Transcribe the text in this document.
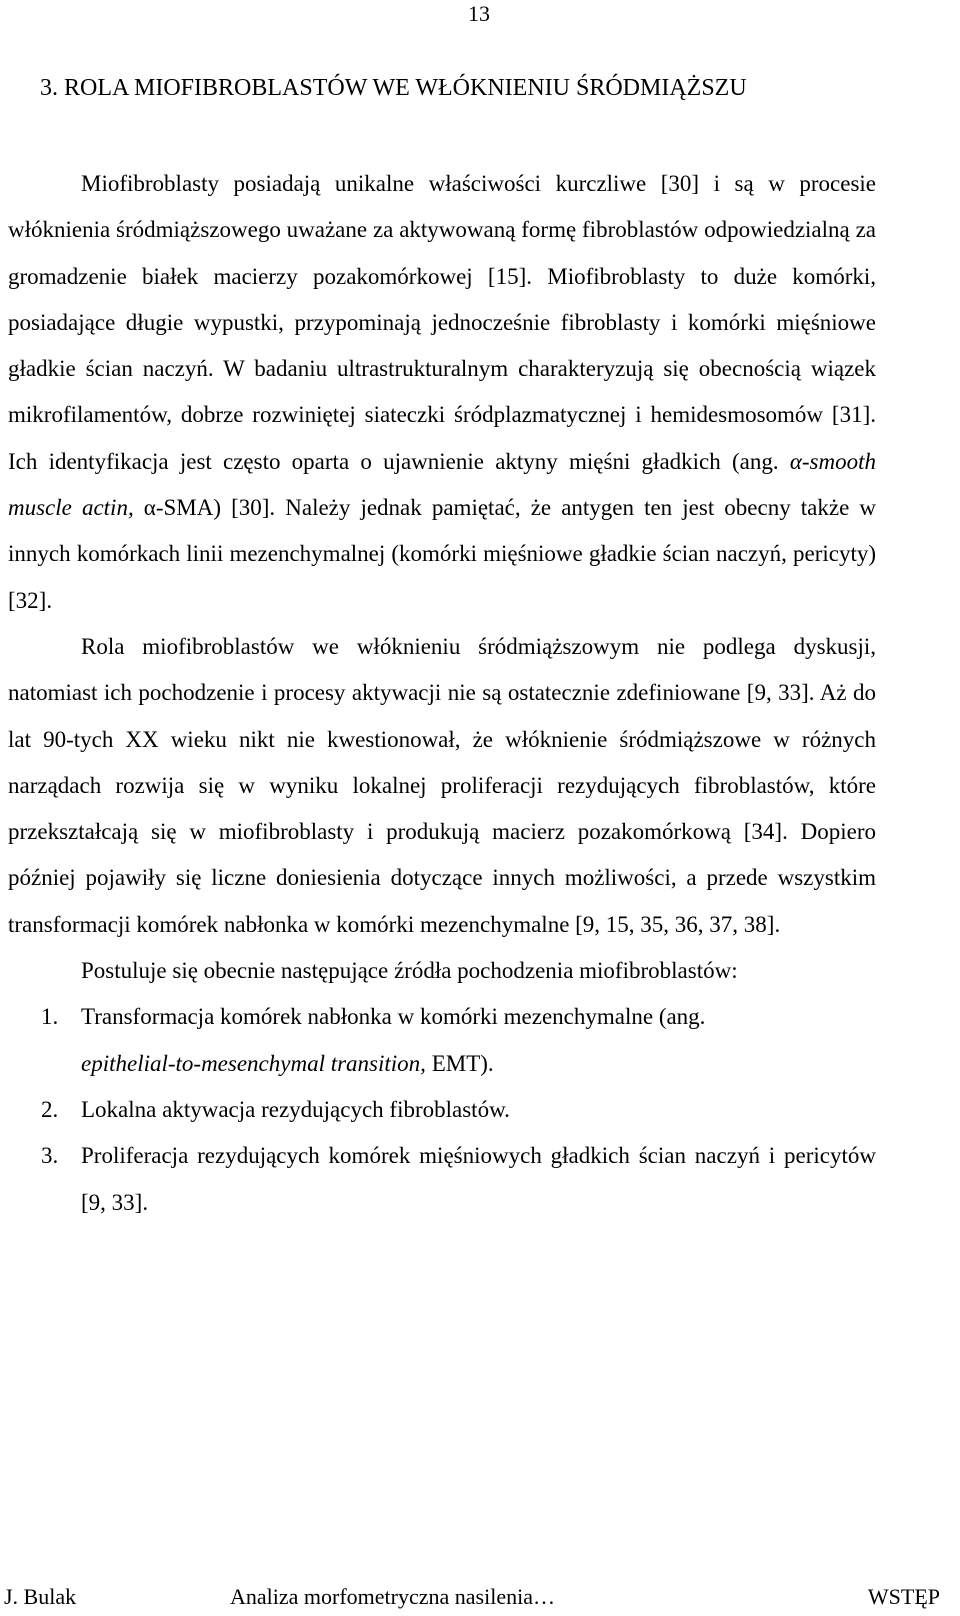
13
3. ROLA MIOFIBROBLASTÓW WE WŁÓKNIENIU ŚRÓDMIĄŻSZU

Miofibroblasty posiadają unikalne właściwości kurczliwe [30] i są w procesie włóknienia śródmiąższowego uważane za aktywowaną formę fibroblastów odpowiedzialną za gromadzenie białek macierzy pozakomórkowej [15]. Miofibroblasty to duże komórki, posiadające długie wypustki, przypominają jednocześnie fibroblasty i komórki mięśniowe gładkie ścian naczyń. W badaniu ultrastrukturalnym charakteryzują się obecnością wiązek mikrofilamentów, dobrze rozwiniętej siateczki śródplazmatycznej i hemidesmosomów [31]. Ich identyfikacja jest często oparta o ujawnienie aktyny mięśni gładkich (ang. α-smooth muscle actin, α-SMA) [30]. Należy jednak pamiętać, że antygen ten jest obecny także w innych komórkach linii mezenchymalnej (komórki mięśniowe gładkie ścian naczyń, pericyty) [32].

Rola miofibroblastów we włóknieniu śródmiąższowym nie podlega dyskusji, natomiast ich pochodzenie i procesy aktywacji nie są ostatecznie zdefiniowane [9, 33]. Aż do lat 90-tych XX wieku nikt nie kwestionował, że włóknienie śródmiąższowe w różnych narządach rozwija się w wyniku lokalnej proliferacji rezydujących fibroblastów, które przekształcają się w miofibroblasty i produkują macierz pozakomórkową [34]. Dopiero później pojawiły się liczne doniesienia dotyczące innych możliwości, a przede wszystkim transformacji komórek nabłonka w komórki mezenchymalne [9, 15, 35, 36, 37, 38].

Postuluje się obecnie następujące źródła pochodzenia miofibroblastów:

1. Transformacja komórek nabłonka w komórki mezenchymalne (ang.
epithelial-to-mesenchymal transition, EMT).
2. Lokalna aktywacja rezydujących fibroblastów.
3. Proliferacja rezydujących komórek mięśniowych gładkich ścian naczyń i pericytów [9, 33].
J. Bulak	Analiza morfometryczna nasilenia…	WSTĘP
